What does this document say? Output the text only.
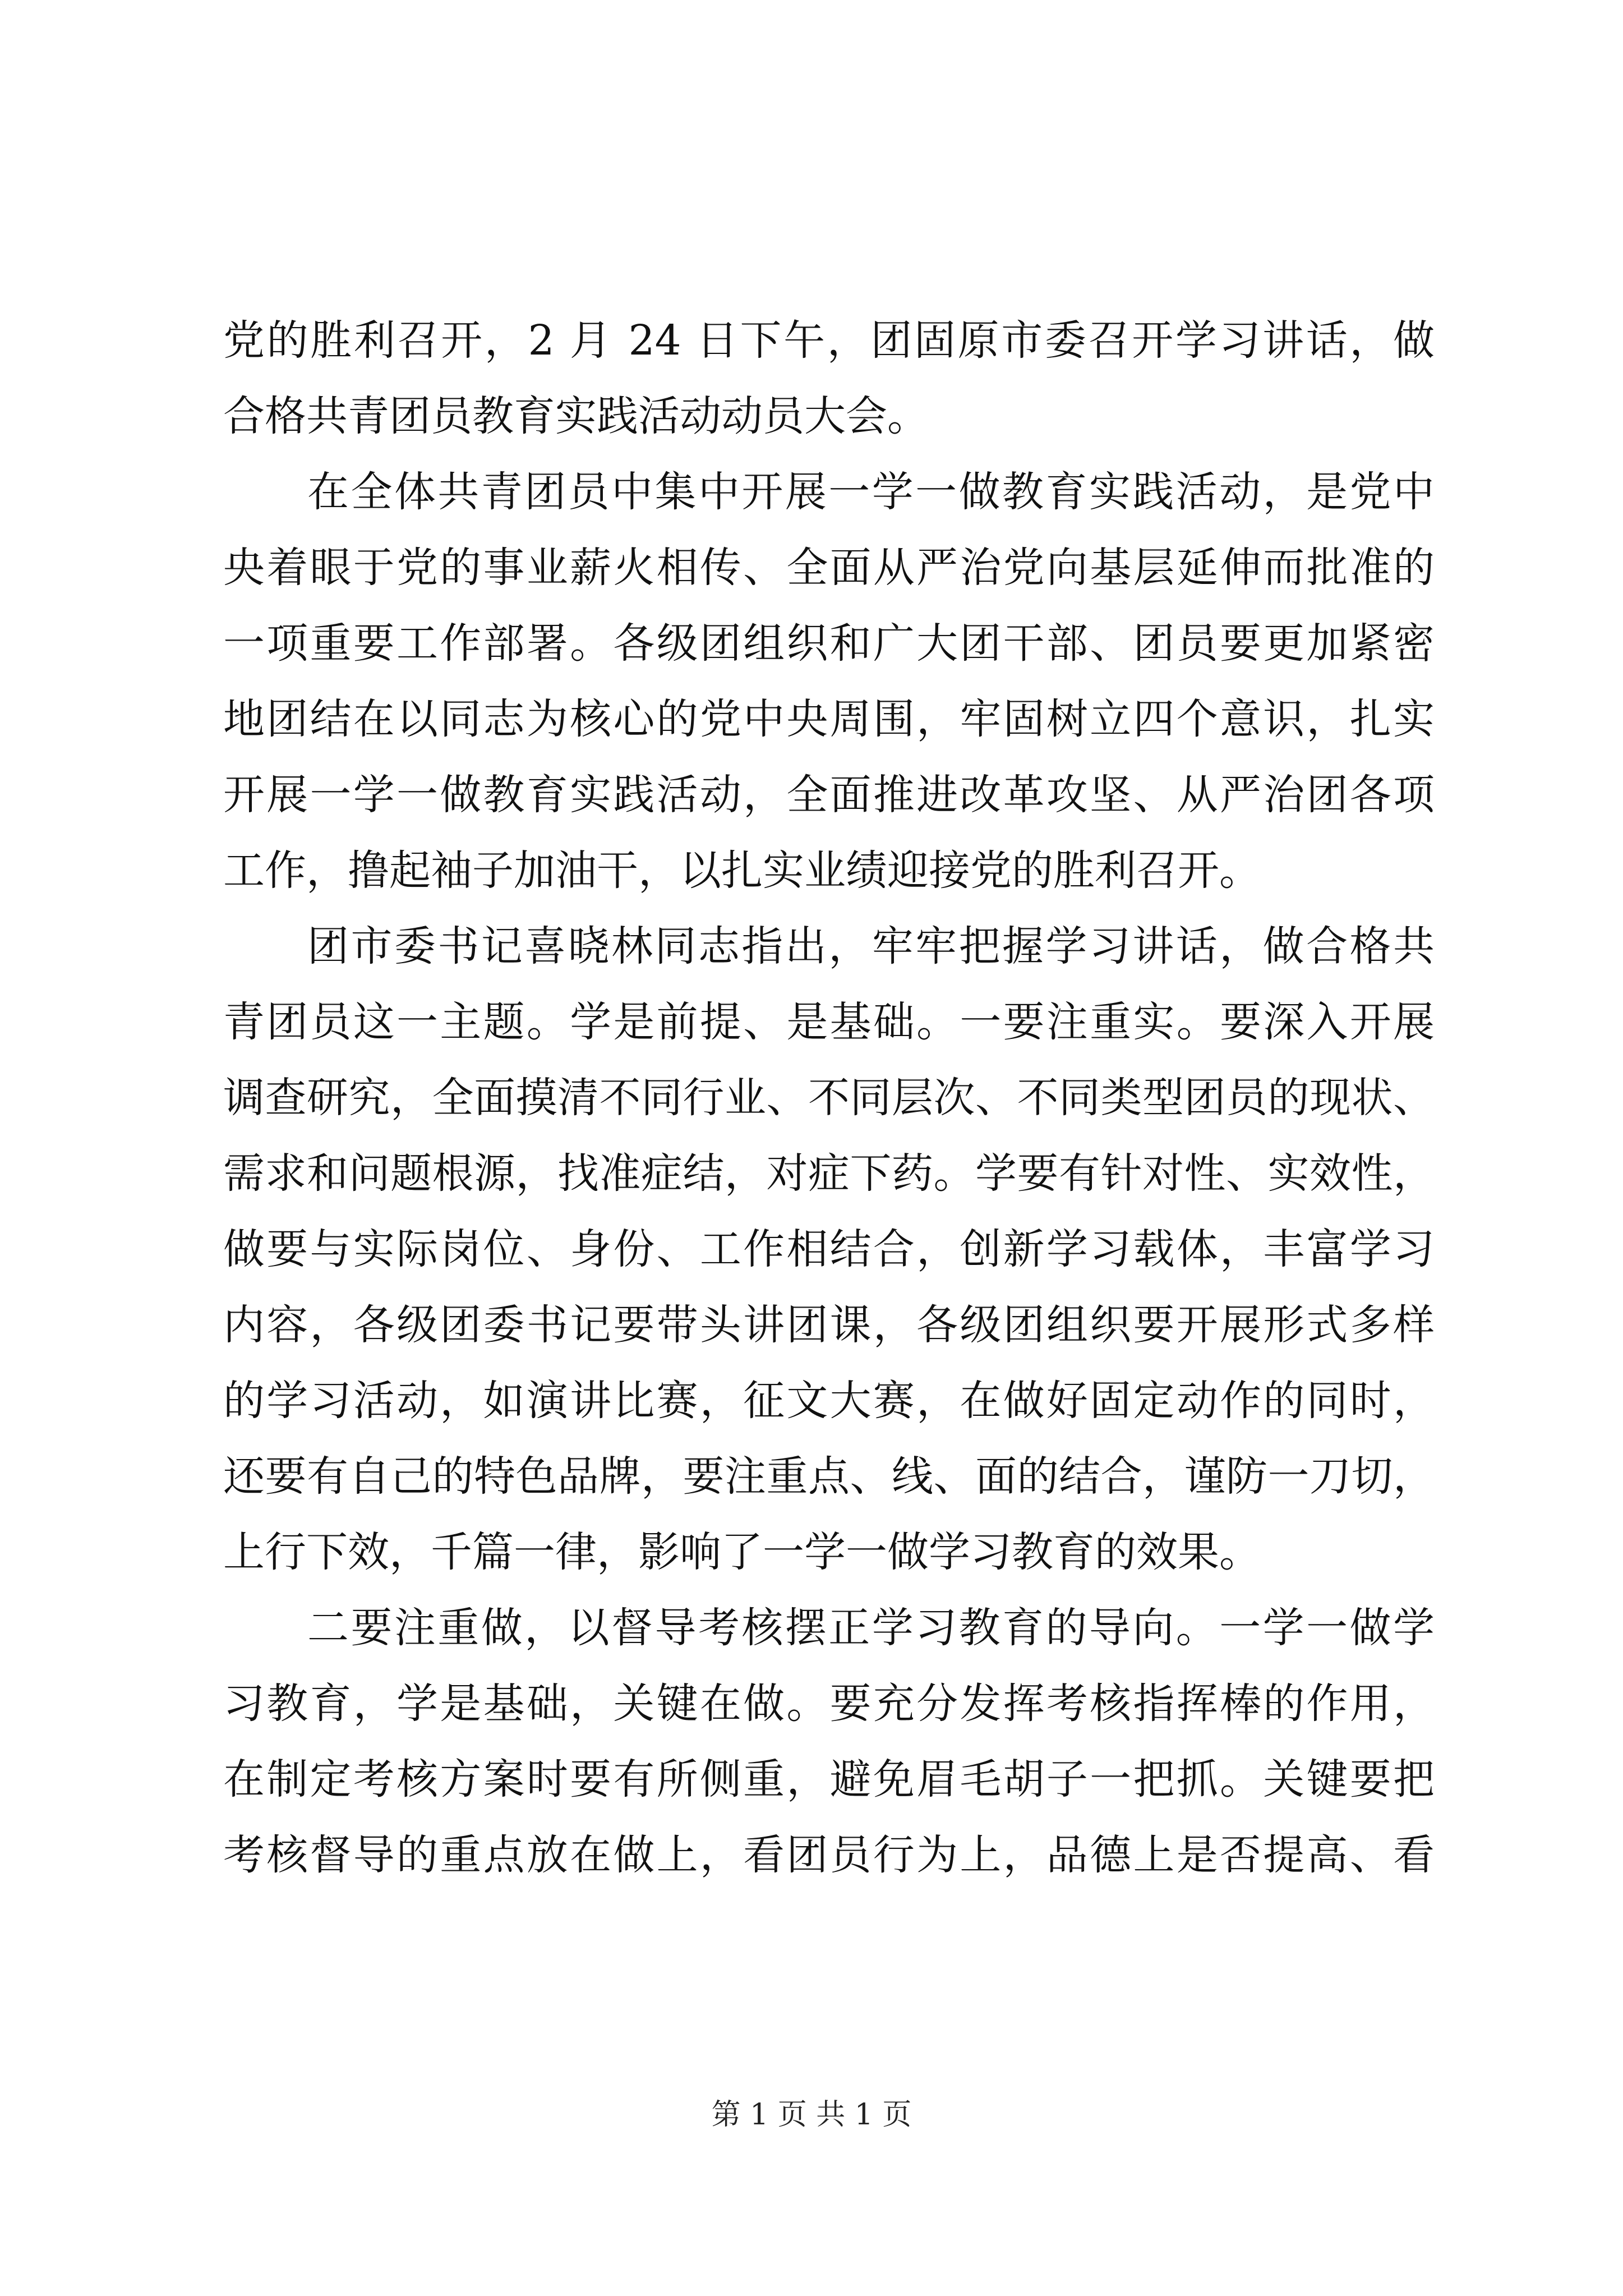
党的胜利召开，2 月 24 日下午，团固原市委召开学习讲话，做
合格共青团员教育实践活动动员大会。
在全体共青团员中集中开展一学一做教育实践活动，是党中
央着眼于党的事业薪火相传、全面从严治党向基层延伸而批准的
一项重要工作部署。各级团组织和广大团干部、团员要更加紧密
地团结在以同志为核心的党中央周围，牢固树立四个意识，扎实
开展一学一做教育实践活动，全面推进改革攻坚、从严治团各项
工作，撸起袖子加油干，以扎实业绩迎接党的胜利召开。
团市委书记喜晓林同志指出，牢牢把握学习讲话，做合格共
青团员这一主题。学是前提、是基础。一要注重实。要深入开展
调查研究，全面摸清不同行业、不同层次、不同类型团员的现状、
需求和问题根源，找准症结，对症下药。学要有针对性、实效性，
做要与实际岗位、身份、工作相结合，创新学习载体，丰富学习
内容，各级团委书记要带头讲团课，各级团组织要开展形式多样
的学习活动，如演讲比赛，征文大赛，在做好固定动作的同时，
还要有自己的特色品牌，要注重点、线、面的结合，谨防一刀切，
上行下效，千篇一律，影响了一学一做学习教育的效果。
二要注重做，以督导考核摆正学习教育的导向。一学一做学
习教育，学是基础，关键在做。要充分发挥考核指挥棒的作用，
在制定考核方案时要有所侧重，避免眉毛胡子一把抓。关键要把
考核督导的重点放在做上，看团员行为上，品德上是否提高、看
第 1 页 共 1 页
